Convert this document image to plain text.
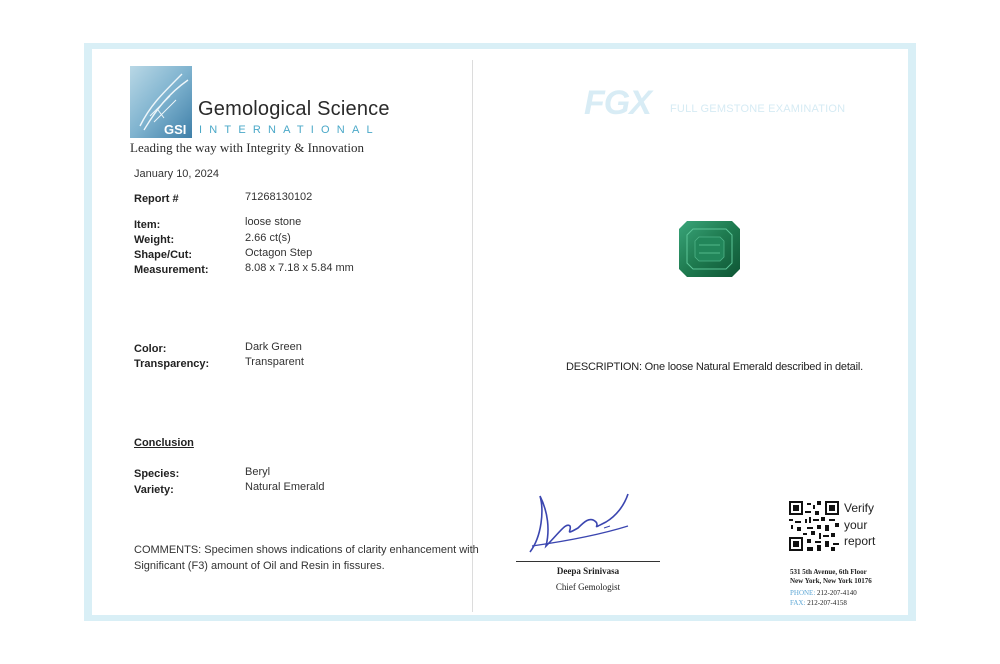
GSI
Gemological Science
INTERNATIONAL
Leading the way with Integrity & Innovation
January 10, 2024
Report #	71268130102
Item:	loose stone
Weight:	2.66 ct(s)
Shape/Cut:	Octagon Step
Measurement:	8.08 x 7.18 x 5.84 mm
Color:	Dark Green
Transparency:	Transparent
Conclusion
Species:	Beryl
Variety:	Natural Emerald
COMMENTS: Specimen shows indications of clarity enhancement with
Significant (F3) amount of Oil and Resin in fissures.
FGX FULL GEMSTONE EXAMINATION
DESCRIPTION: One loose Natural Emerald described in detail.
Deepa Srinivasa
Chief Gemologist
Verify
your
report
531 5th Avenue, 6th Floor
New York, New York 10176
PHONE: 212-207-4140
FAX: 212-207-4158
